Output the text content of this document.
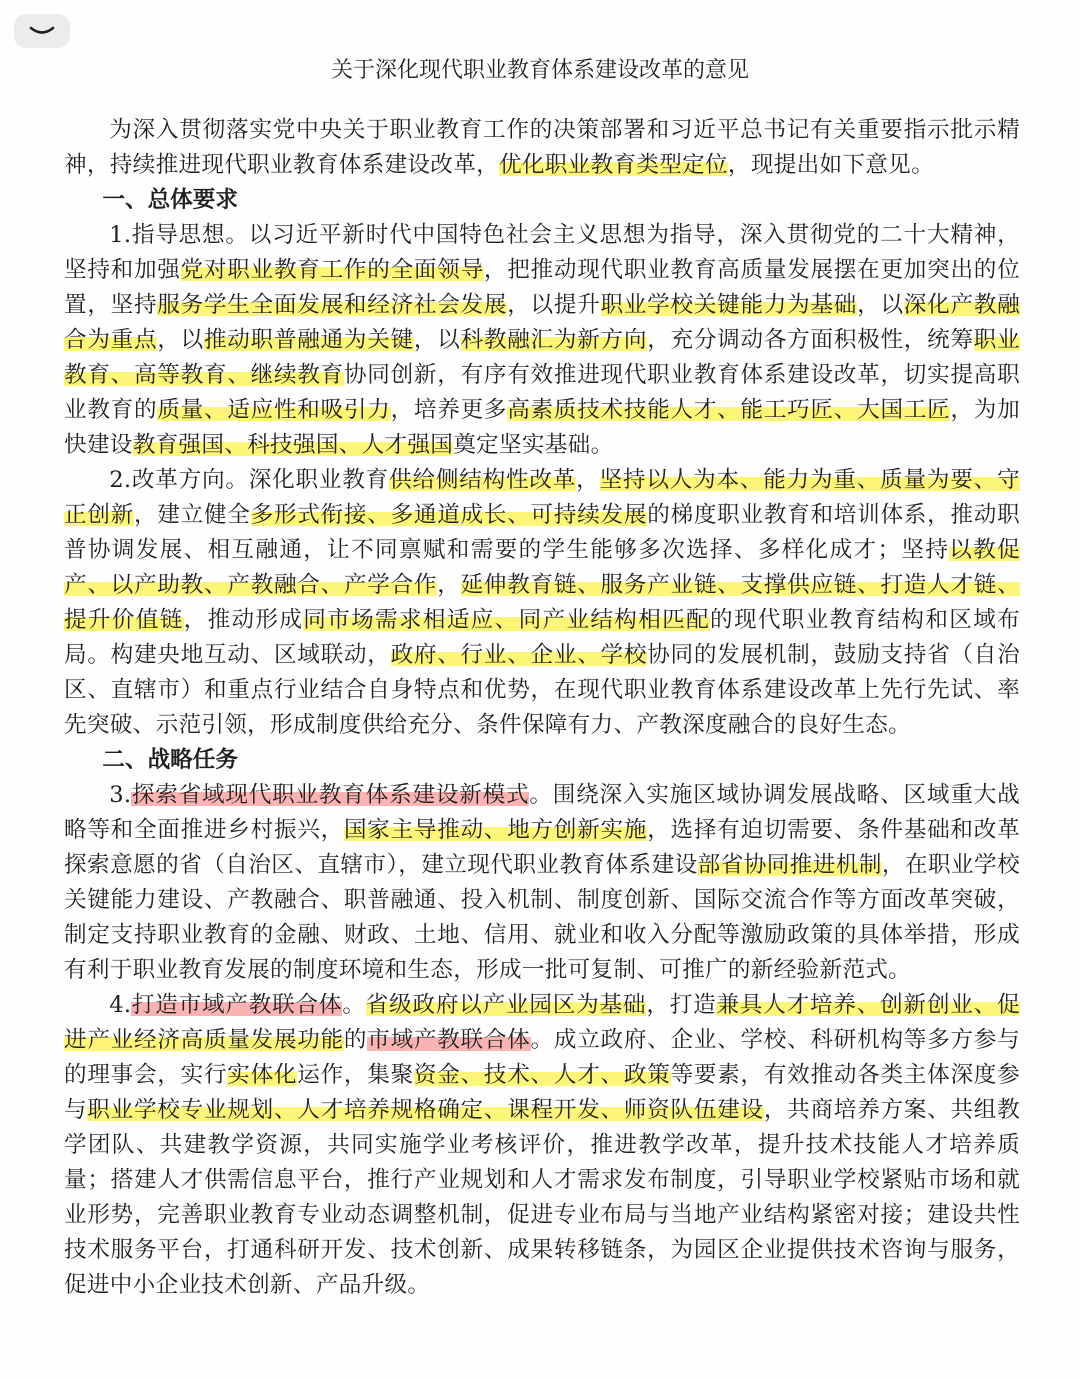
关于深化现代职业教育体系建设改革的意见

为深入贯彻落实党中央关于职业教育工作的决策部署和习近平总书记有关重要指示批示精神，持续推进现代职业教育体系建设改革，优化职业教育类型定位，现提出如下意见。

一、总体要求

1.指导思想。以习近平新时代中国特色社会主义思想为指导，深入贯彻党的二十大精神，坚持和加强党对职业教育工作的全面领导，把推动现代职业教育高质量发展摆在更加突出的位置，坚持服务学生全面发展和经济社会发展，以提升职业学校关键能力为基础，以深化产教融合为重点，以推动职普融通为关键，以科教融汇为新方向，充分调动各方面积极性，统筹职业教育、高等教育、继续教育协同创新，有序有效推进现代职业教育体系建设改革，切实提高职业教育的质量、适应性和吸引力，培养更多高素质技术技能人才、能工巧匠、大国工匠，为加快建设教育强国、科技强国、人才强国奠定坚实基础。

2.改革方向。深化职业教育供给侧结构性改革，坚持以人为本、能力为重、质量为要、守正创新，建立健全多形式衔接、多通道成长、可持续发展的梯度职业教育和培训体系，推动职普协调发展、相互融通，让不同禀赋和需要的学生能够多次选择、多样化成才；坚持以教促产、以产助教、产教融合、产学合作，延伸教育链、服务产业链、支撑供应链、打造人才链、提升价值链，推动形成同市场需求相适应、同产业结构相匹配的现代职业教育结构和区域布局。构建央地互动、区域联动，政府、行业、企业、学校协同的发展机制，鼓励支持省（自治区、直辖市）和重点行业结合自身特点和优势，在现代职业教育体系建设改革上先行先试、率先突破、示范引领，形成制度供给充分、条件保障有力、产教深度融合的良好生态。

二、战略任务

3.探索省域现代职业教育体系建设新模式。围绕深入实施区域协调发展战略、区域重大战略等和全面推进乡村振兴，国家主导推动、地方创新实施，选择有迫切需要、条件基础和改革探索意愿的省（自治区、直辖市），建立现代职业教育体系建设部省协同推进机制，在职业学校关键能力建设、产教融合、职普融通、投入机制、制度创新、国际交流合作等方面改革突破，制定支持职业教育的金融、财政、土地、信用、就业和收入分配等激励政策的具体举措，形成有利于职业教育发展的制度环境和生态，形成一批可复制、可推广的新经验新范式。

4.打造市域产教联合体。省级政府以产业园区为基础，打造兼具人才培养、创新创业、促进产业经济高质量发展功能的市域产教联合体。成立政府、企业、学校、科研机构等多方参与的理事会，实行实体化运作，集聚资金、技术、人才、政策等要素，有效推动各类主体深度参与职业学校专业规划、人才培养规格确定、课程开发、师资队伍建设，共商培养方案、共组教学团队、共建教学资源，共同实施学业考核评价，推进教学改革，提升技术技能人才培养质量；搭建人才供需信息平台，推行产业规划和人才需求发布制度，引导职业学校紧贴市场和就业形势，完善职业教育专业动态调整机制，促进专业布局与当地产业结构紧密对接；建设共性技术服务平台，打通科研开发、技术创新、成果转移链条，为园区企业提供技术咨询与服务，促进中小企业技术创新、产品升级。
